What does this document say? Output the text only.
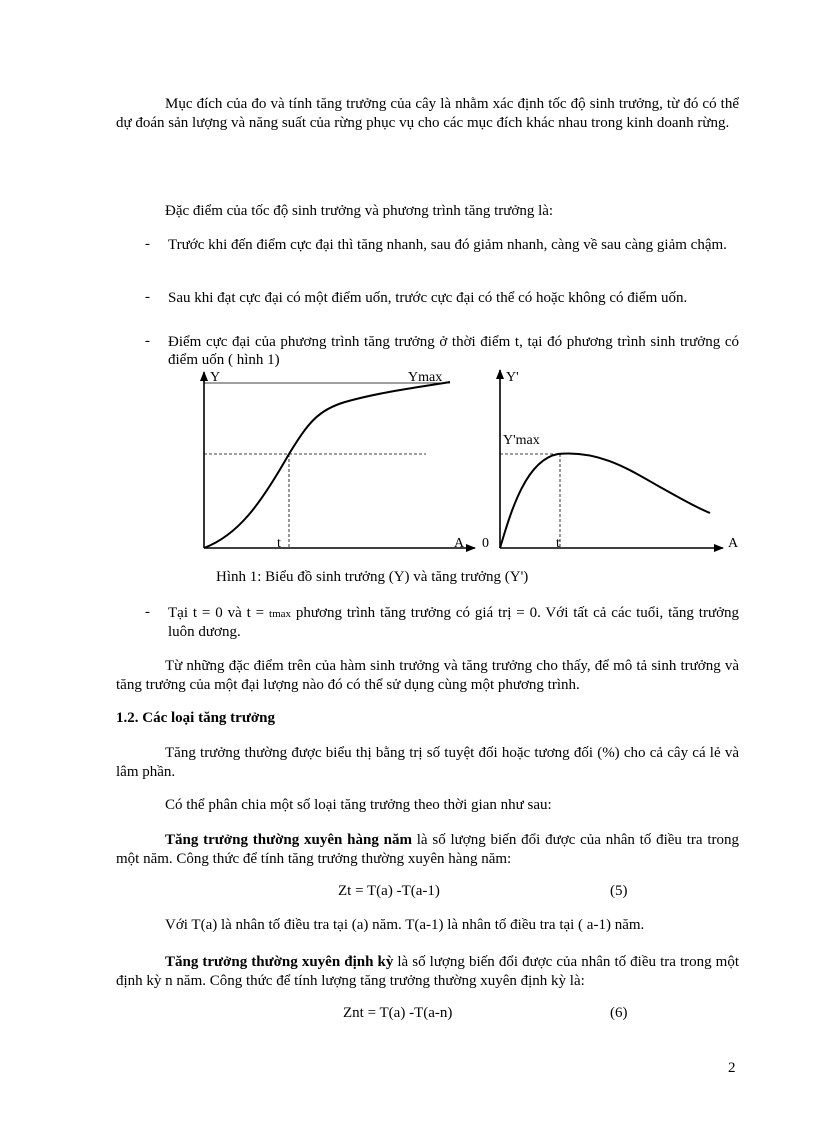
Mục đích của đo và tính tăng trưởng của cây là nhằm xác định tốc độ sinh trưởng, từ đó có thể dự đoán sản lượng và năng suất của rừng phục vụ cho các mục đích khác nhau trong kinh doanh rừng.

Đặc điểm của tốc độ sinh trưởng và phương trình tăng trưởng là:

- Trước khi đến điểm cực đại thì tăng nhanh, sau đó giảm nhanh, càng về sau càng giảm chậm.

- Sau khi đạt cực đại có một điểm uốn, trước cực đại có thể có hoặc không có điểm uốn.

- Điểm cực đại của phương trình tăng trưởng ở thời điểm t, tại đó phương trình sinh trưởng có điểm uốn ( hình 1)

Y	Ymax
t	A
Y'
Y'max
0	t	A
Hình 1: Biểu đồ sinh trưởng (Y) và tăng trưởng (Y')
- Tại t = 0 và t = tmax phương trình tăng trưởng có giá trị = 0. Với tất cả các tuổi, tăng trưởng luôn dương.

Từ những đặc điểm trên của hàm sinh trưởng và tăng trưởng cho thấy, để mô tả sinh trưởng và tăng trưởng của một đại lượng nào đó có thể sử dụng cùng một phương trình.

1.2. Các loại tăng trưởng

Tăng trưởng thường được biểu thị bằng trị số tuyệt đối hoặc tương đối (%) cho cả cây cá lẻ và lâm phần.

Có thể phân chia một số loại tăng trưởng theo thời gian như sau:

Tăng trưởng thường xuyên hàng năm là số lượng biến đổi được của nhân tố điều tra trong một năm. Công thức để tính tăng trưởng thường xuyên hàng năm:

Zt = T(a) -T(a-1)	(5)
Với T(a) là nhân tố điều tra tại (a) năm. T(a-1) là nhân tố điều tra tại ( a-1) năm.

Tăng trưởng thường xuyên định kỳ là số lượng biến đổi được của nhân tố điều tra trong một định kỳ n năm. Công thức để tính lượng tăng trưởng thường xuyên định kỳ là:

Znt = T(a) -T(a-n)	(6)
2
